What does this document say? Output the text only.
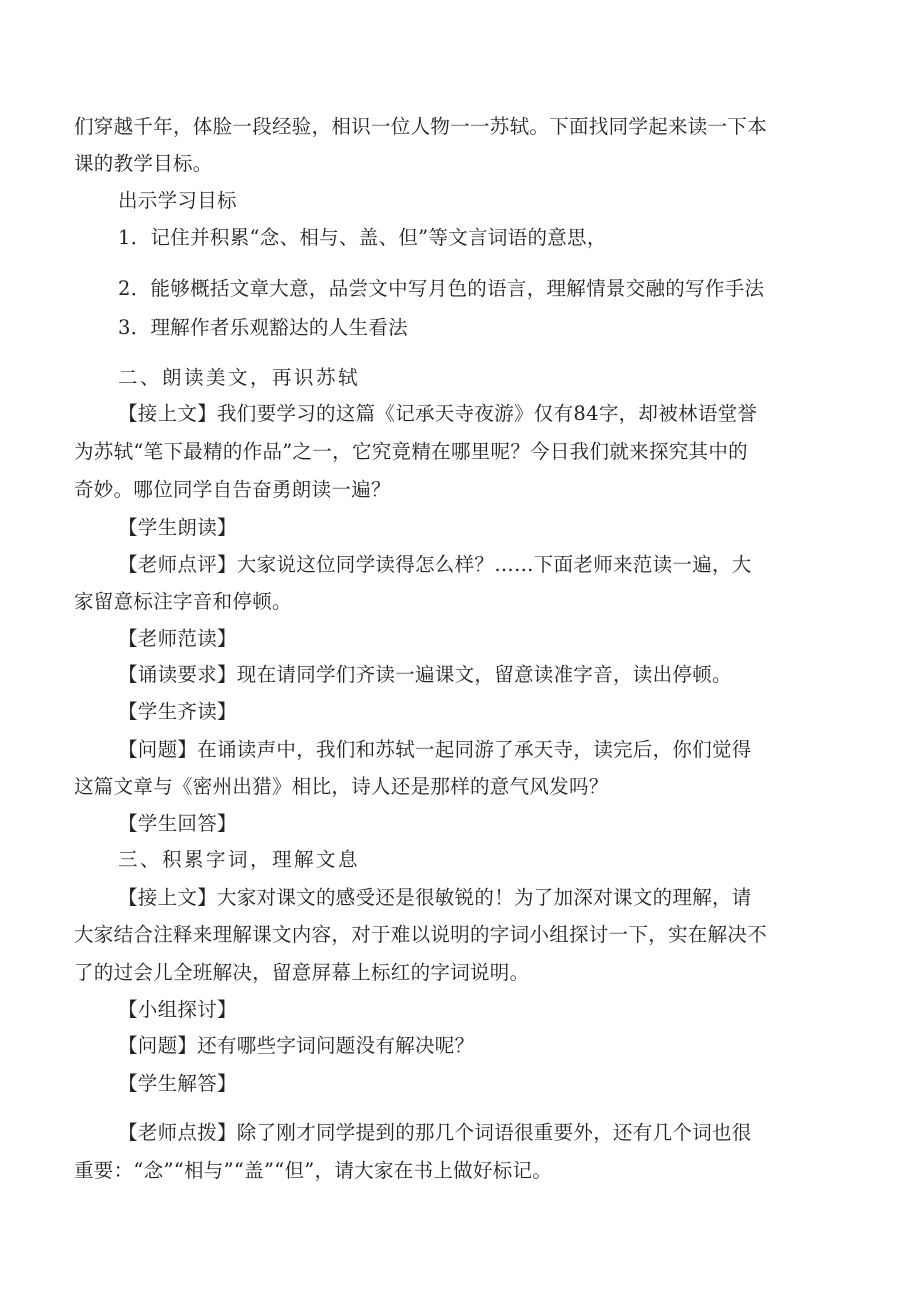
们穿越千年，体脸一段经验，相识一位人物一一苏轼。下面找同学起来读一下本
课的教学目标。
出示学习目标
1．记住并积累“念、相与、盖、但”等文言词语的意思，
2．能够概括文章大意，品尝文中写月色的语言，理解情景交融的写作手法
3．理解作者乐观豁达的人生看法
二、朗读美文，再识苏轼
【接上文】我们要学习的这篇《记承天寺夜游》仅有84字，却被林语堂誉
为苏轼“笔下最精的作品”之一，它究竟精在哪里呢？今日我们就来探究其中的
奇妙。哪位同学自告奋勇朗读一遍？
【学生朗读】
【老师点评】大家说这位同学读得怎么样？……下面老师来范读一遍，大
家留意标注字音和停顿。
【老师范读】
【诵读要求】现在请同学们齐读一遍课文，留意读准字音，读出停顿。
【学生齐读】
【问题】在诵读声中，我们和苏轼一起同游了承天寺，读完后，你们觉得
这篇文章与《密州出猎》相比，诗人还是那样的意气风发吗？
【学生回答】
三、积累字词，理解文息
【接上文】大家对课文的感受还是很敏锐的！为了加深对课文的理解，请
大家结合注释来理解课文内容，对于难以说明的字词小组探讨一下，实在解决不
了的过会儿全班解决，留意屏幕上标红的字词说明。
【小组探讨】
【问题】还有哪些字词问题没有解决呢？
【学生解答】
【老师点拨】除了刚才同学提到的那几个词语很重要外，还有几个词也很
重要：“念”“相与”“盖”“但”，请大家在书上做好标记。
